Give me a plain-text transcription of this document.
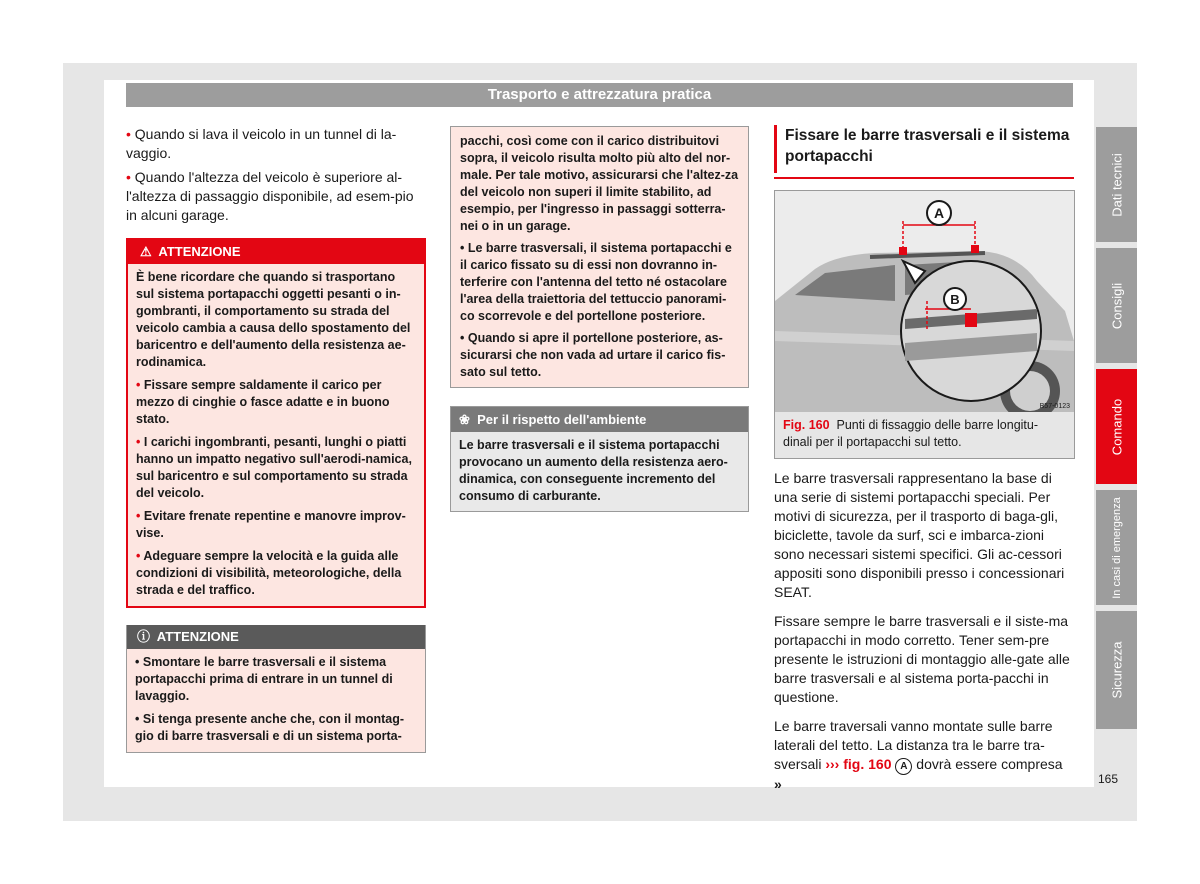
Trasporto e attrezzatura pratica

• Quando si lava il veicolo in un tunnel di la-vaggio.

• Quando l'altezza del veicolo è superiore al-l'altezza di passaggio disponibile, ad esem-pio in alcuni garage.

⚠ ATTENZIONE

È bene ricordare che quando si trasportano sul sistema portapacchi oggetti pesanti o in-gombranti, il comportamento su strada del veicolo cambia a causa dello spostamento del baricentro e dell'aumento della resistenza ae-rodinamica.

• Fissare sempre saldamente il carico per mezzo di cinghie o fasce adatte e in buono stato.

• I carichi ingombranti, pesanti, lunghi o piatti hanno un impatto negativo sull'aerodi-namica, sul baricentro e sul comportamento su strada del veicolo.

• Evitare frenate repentine e manovre improv-vise.

• Adeguare sempre la velocità e la guida alle condizioni di visibilità, meteorologiche, della strada e del traffico.

ⓘ ATTENZIONE

• Smontare le barre trasversali e il sistema portapacchi prima di entrare in un tunnel di lavaggio.

• Si tenga presente anche che, con il montag-gio di barre trasversali e di un sistema porta-

pacchi, così come con il carico distribuitovi sopra, il veicolo risulta molto più alto del nor-male. Per tale motivo, assicurarsi che l'altez-za del veicolo non superi il limite stabilito, ad esempio, per l'ingresso in passaggi sotterra-nei o in un garage.

• Le barre trasversali, il sistema portapacchi e il carico fissato su di essi non dovranno in-terferire con l'antenna del tetto né ostacolare l'area della traiettoria del tettuccio panorami-co scorrevole e del portellone posteriore.

• Quando si apre il portellone posteriore, as-sicurarsi che non vada ad urtare il carico fis-sato sul tetto.

❀ Per il rispetto dell'ambiente
Le barre trasversali e il sistema portapacchi provocano un aumento della resistenza aero-dinamica, con conseguente incremento del consumo di carburante.
Fissare le barre trasversali e il sistema portapacchi
A
B
B57-0123
Fig. 160 Punti di fissaggio delle barre longitu-dinali per il portapacchi sul tetto.

Le barre trasversali rappresentano la base di una serie di sistemi portapacchi speciali. Per motivi di sicurezza, per il trasporto di baga-gli, biciclette, tavole da surf, sci e imbarca-zioni sono necessari sistemi specifici. Gli ac-cessori appositi sono disponibili presso i concessionari SEAT.

Fissare sempre le barre trasversali e il siste-ma portapacchi in modo corretto. Tener sem-pre presente le istruzioni di montaggio alle-gate alle barre trasversali e al sistema porta-pacchi in questione.

Le barre traversali vanno montate sulle barre laterali del tetto. La distanza tra le barre tra-sversali ››› fig. 160 A dovrà essere compresa »

Dati tecnici
Consigli
Comando
In casi di emergenza
Sicurezza
165
